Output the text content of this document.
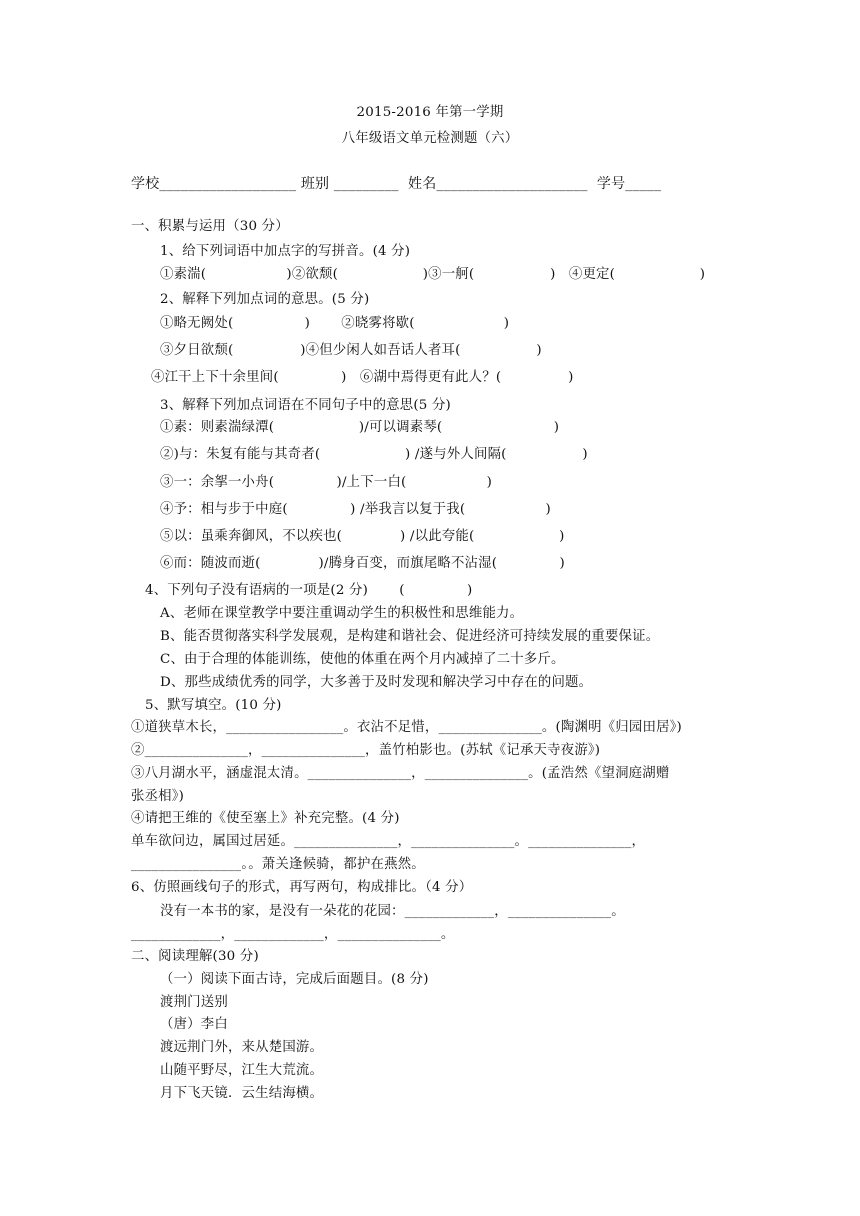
2015-2016 年第一学期
八年级语文单元检测题（六）
学校___________________ 班别 _________  姓名_____________________  学号_____
一、积累与运用（30 分）
1、给下列词语中加点字的写拼音。(4 分)
①素湍(                  )②欲颓(                   )③一舸(                 )   ④更定(                   )
2、解释下列加点词的意思。(5 分)
①略无阙处(                )       ②晓雾将歇(                    )
③夕日欲颓(               )④但少闲人如吾话人者耳(                 )
④江干上下十余里间(              )   ⑥湖中焉得更有此人？(               )
3、解释下列加点词语在不同句子中的意思(5 分)
①素：则素湍绿潭(                   )/可以调素琴(                         )
②)与：朱复有能与其奇者(                   ) /遂与外人间隔(                 )
③一：余挐一小舟(              )/上下一白(                  )
④予：相与步于中庭(              ) /举我言以复于我(                  )
⑤以：虽乘奔御风，不以疾也(             ) /以此夸能(                   )
⑥而：随波而逝(             )/腾身百变，而旗尾略不沾湿(              )
4、下列句子没有语病的一项是(2 分)       (              )
A、老师在课堂教学中要注重调动学生的积极性和思维能力。
B、能否贯彻落实科学发展观，是构建和谐社会、促进经济可持续发展的重要保证。
C、由于合理的体能训练，使他的体重在两个月内减掉了二十多斤。
D、那些成绩优秀的同学，大多善于及时发现和解决学习中存在的问题。
5、默写填空。(10 分)
①道狭草木长，_________________。衣沾不足惜，_______________。(陶渊明《归园田居》)
②_______________，_______________，盖竹柏影也。(苏轼《记承天寺夜游》)
③八月湖水平，涵虚混太清。_______________，_______________。(孟浩然《望洞庭湖赠
张丞相》)
④请把王维的《使至塞上》补充完整。(4 分)
单车欲问边，属国过居延。_______________，_______________。_______________，
________________。。萧关逢候骑，都护在燕然。
6、仿照画线句子的形式，再写两句，构成排比。（4 分）
没有一本书的家，是没有一朵花的花园：_____________，_______________。
_____________，_____________，_______________。
二、阅读理解(30 分)
（一）阅读下面古诗，完成后面题目。(8 分)
渡荆门送别
（唐）李白
渡远荆门外，来从楚国游。
山随平野尽，江生大荒流。
月下飞天镜．云生结海横。
